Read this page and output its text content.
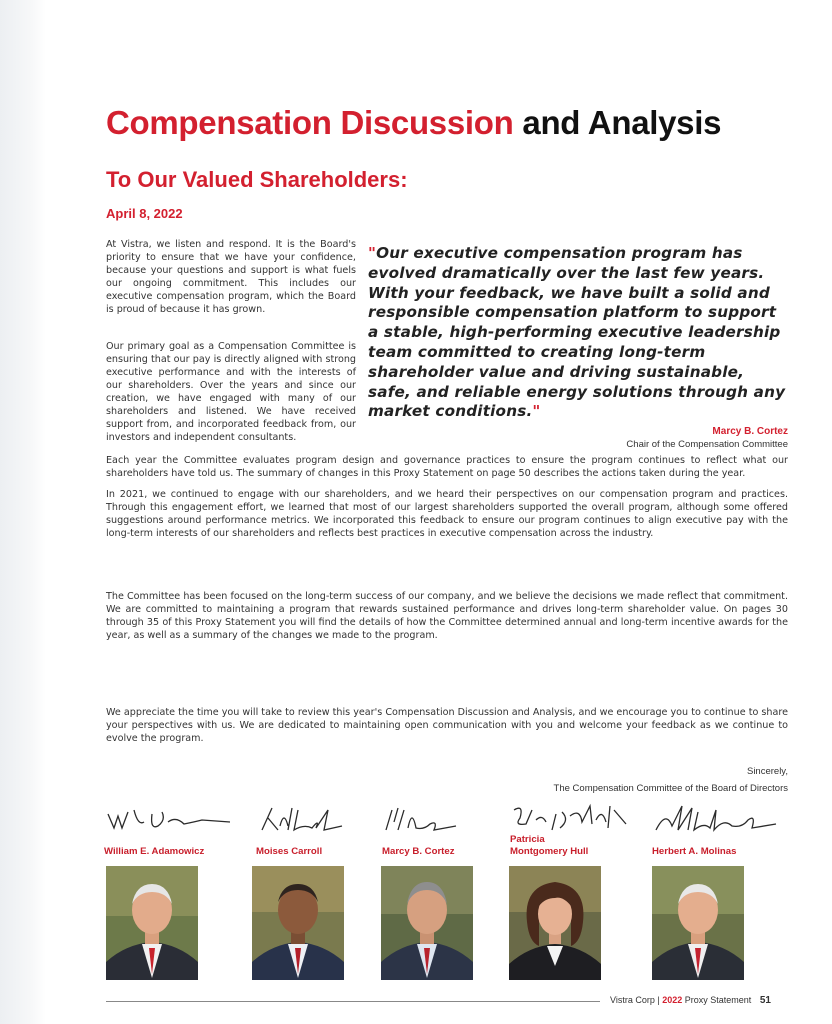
Compensation Discussion and Analysis
To Our Valued Shareholders:
April 8, 2022

At Vistra, we listen and respond. It is the Board's priority to ensure that we have your confidence, because your questions and support is what fuels our ongoing commitment. This includes our executive compensation program, which the Board is proud of because it has grown.

Our primary goal as a Compensation Committee is ensuring that our pay is directly aligned with strong executive performance and with the interests of our shareholders. Over the years and since our creation, we have engaged with many of our shareholders and listened. We have received support from, and incorporated feedback from, our investors and independent consultants.

"Our executive compensation program has evolved dramatically over the last few years. With your feedback, we have built a solid and responsible compensation platform to support a stable, high-performing executive leadership team committed to creating long-term shareholder value and driving sustainable, safe, and reliable energy solutions through any market conditions."

Marcy B. Cortez
Chair of the Compensation Committee

Each year the Committee evaluates program design and governance practices to ensure the program continues to reflect what our shareholders have told us. The summary of changes in this Proxy Statement on page 50 describes the actions taken during the year.

In 2021, we continued to engage with our shareholders, and we heard their perspectives on our compensation program and practices. Through this engagement effort, we learned that most of our largest shareholders supported the overall program, although some offered suggestions around performance metrics. We incorporated this feedback to ensure our program continues to align executive pay with the long-term interests of our shareholders and reflects best practices in executive compensation across the industry.

The Committee has been focused on the long-term success of our company, and we believe the decisions we made reflect that commitment. We are committed to maintaining a program that rewards sustained performance and drives long-term shareholder value. On pages 30 through 35 of this Proxy Statement you will find the details of how the Committee determined annual and long-term incentive awards for the year, as well as a summary of the changes we made to the program.

We appreciate the time you will take to review this year's Compensation Discussion and Analysis, and we encourage you to continue to share your perspectives with us. We are dedicated to maintaining open communication with you and welcome your feedback as we continue to evolve the program.

Sincerely,
The Compensation Committee of the Board of Directors
William E. Adamowicz	Moises Carroll	Marcy B. Cortez
Patricia
Montgomery Hull	Herbert A. Molinas
Vistra Corp | 2022 Proxy Statement 51
